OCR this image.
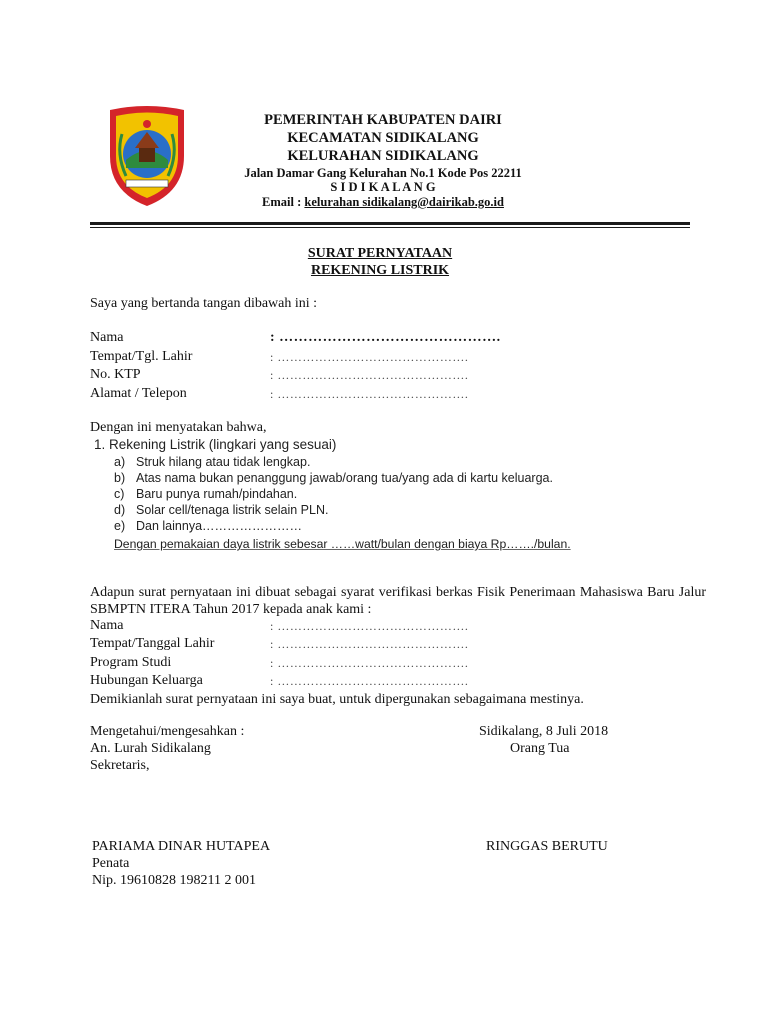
PEMERINTAH KABUPATEN DAIRI
KECAMATAN SIDIKALANG
KELURAHAN SIDIKALANG
Jalan Damar Gang Kelurahan No.1 Kode Pos 22211
S I D I K A L A N G
Email : kelurahan sidikalang@dairikab.go.id
SURAT PERNYATAAN
REKENING LISTRIK
Saya yang bertanda tangan dibawah ini :
Nama	: ……………………………………….
Tempat/Tgl. Lahir	: ……………………………………….
No. KTP	: ……………………………………….
Alamat / Telepon	: ……………………………………….
Dengan ini menyatakan bahwa,
1. Rekening Listrik (lingkari yang sesuai)
a) Struk hilang atau tidak lengkap.
b) Atas nama bukan penanggung jawab/orang tua/yang ada di kartu keluarga.
c) Baru punya rumah/pindahan.
d) Solar cell/tenaga listrik selain PLN.
e) Dan lainnya……………………
Dengan pemakaian daya listrik sebesar ……watt/bulan dengan biaya Rp……./bulan.
Adapun surat pernyataan ini dibuat sebagai syarat verifikasi berkas Fisik Penerimaan Mahasiswa Baru Jalur SBMPTN ITERA Tahun 2017 kepada anak kami :
Nama	: ……………………………………….
Tempat/Tanggal Lahir	: ……………………………………….
Program Studi	: ……………………………………….
Hubungan Keluarga	: ……………………………………….
Demikianlah surat pernyataan ini saya buat, untuk dipergunakan sebagaimana mestinya.
Mengetahui/mengesahkan :
An. Lurah Sidikalang
Sekretaris,
Sidikalang, 8 Juli 2018
Orang Tua
PARIAMA DINAR HUTAPEA
Penata
Nip. 19610828 198211 2 001
RINGGAS BERUTU
